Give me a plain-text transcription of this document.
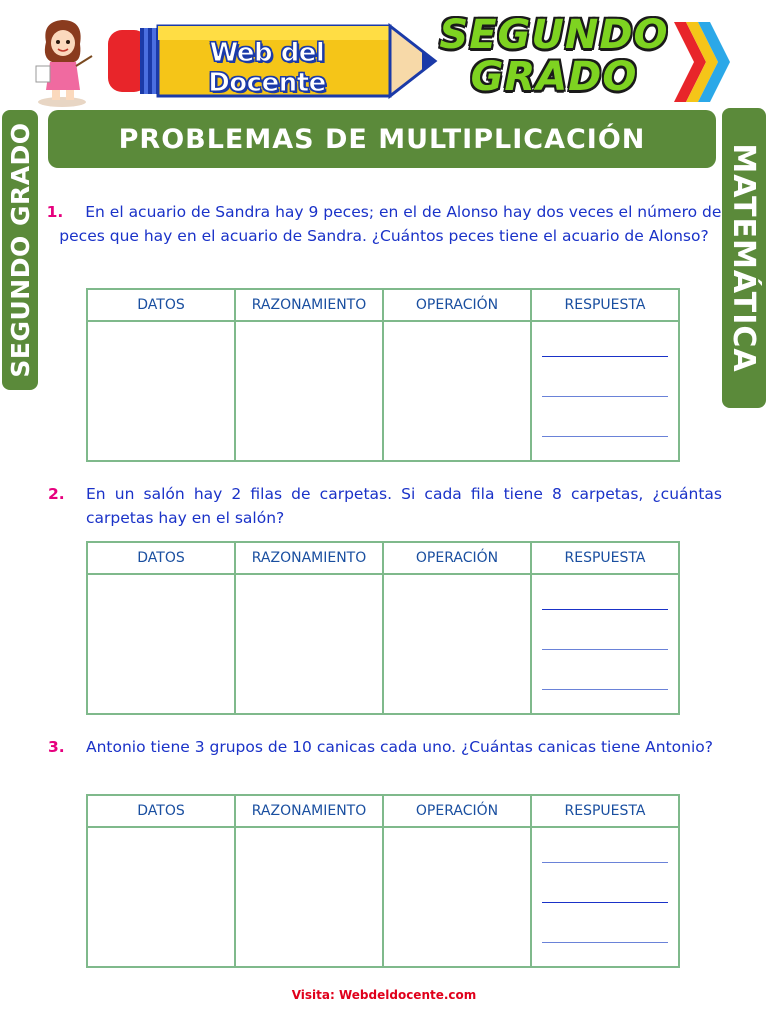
Web del Docente
SEGUNDO
GRADO
PROBLEMAS DE MULTIPLICACIÓN
SEGUNDO GRADO	MATEMÁTICA
1. En el acuario de Sandra hay 9 peces; en el de Alonso hay dos veces el número de peces que hay en el acuario de Sandra. ¿Cuántos peces tiene el acuario de Alonso?
DATOS	RAZONAMIENTO	OPERACIÓN	RESPUESTA

2.	En un salón hay 2 filas de carpetas. Si cada fila tiene 8 carpetas, ¿cuántas carpetas hay en el salón?
DATOS	RAZONAMIENTO	OPERACIÓN	RESPUESTA

3.	Antonio tiene 3 grupos de 10 canicas cada uno. ¿Cuántas canicas tiene Antonio?
DATOS	RAZONAMIENTO	OPERACIÓN	RESPUESTA

Visita: Webdeldocente.com
